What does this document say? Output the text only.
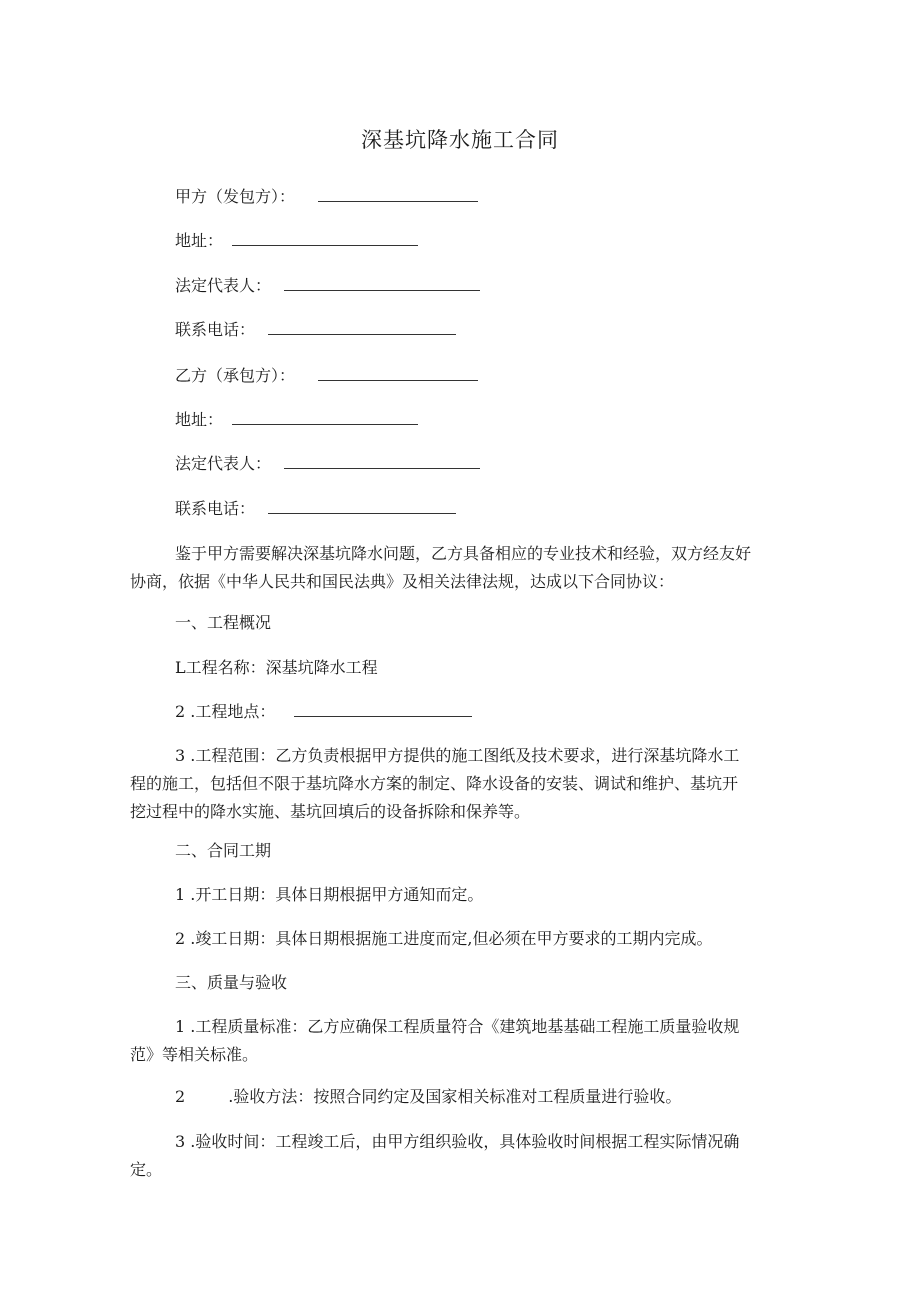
深基坑降水施工合同
甲方（发包方）：
地址：
法定代表人：
联系电话：
乙方（承包方）：
地址：
法定代表人：
联系电话：
鉴于甲方需要解决深基坑降水问题，乙方具备相应的专业技术和经验，双方经友好
协商，依据《中华人民共和国民法典》及相关法律法规，达成以下合同协议：
一、工程概况
L工程名称：深基坑降水工程
2 .工程地点：
3 .工程范围：乙方负责根据甲方提供的施工图纸及技术要求，进行深基坑降水工
程的施工，包括但不限于基坑降水方案的制定、降水设备的安装、调试和维护、基坑开
挖过程中的降水实施、基坑回填后的设备拆除和保养等。
二、合同工期
1 .开工日期：具体日期根据甲方通知而定。
2 .竣工日期：具体日期根据施工进度而定,但必须在甲方要求的工期内完成。
三、质量与验收
1 .工程质量标准：乙方应确保工程质量符合《建筑地基基础工程施工质量验收规
范》等相关标准。
2	.验收方法：按照合同约定及国家相关标准对工程质量进行验收。
3 .验收时间：工程竣工后，由甲方组织验收，具体验收时间根据工程实际情况确
定。
